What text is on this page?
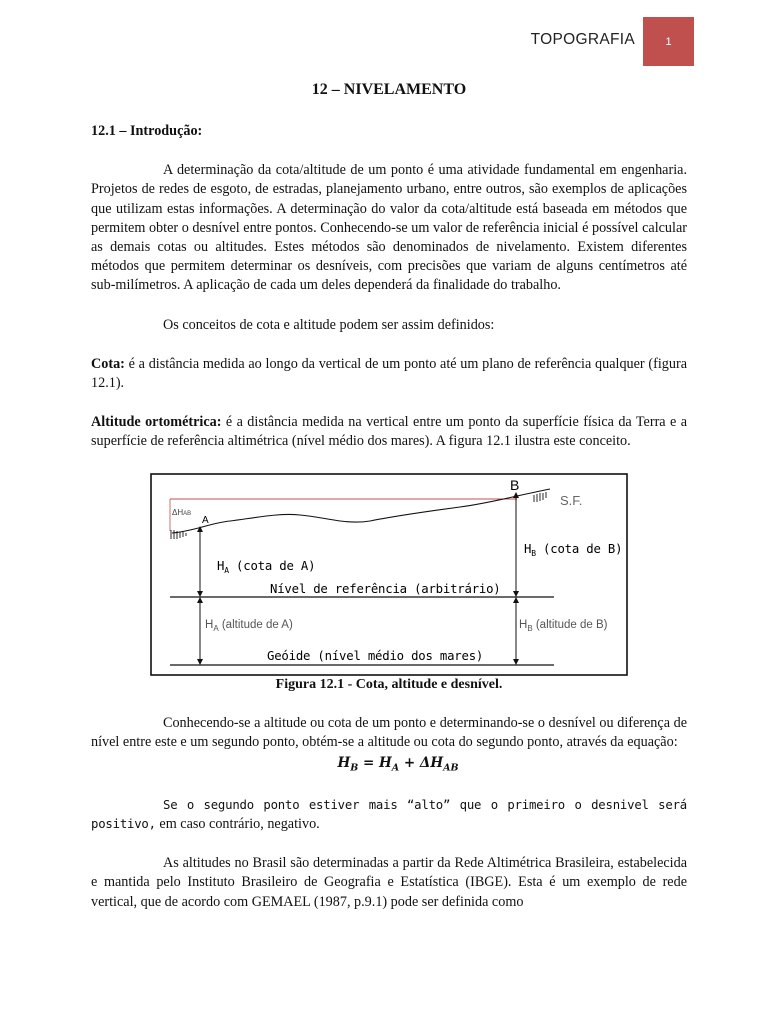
TOPOGRAFIA	1
12 – NIVELAMENTO
12.1 – Introdução:

A determinação da cota/altitude de um ponto é uma atividade fundamental em engenharia. Projetos de redes de esgoto, de estradas, planejamento urbano, entre outros, são exemplos de aplicações que utilizam estas informações. A determinação do valor da cota/altitude está baseada em métodos que permitem obter o desnível entre pontos. Conhecendo-se um valor de referência inicial é possível calcular as demais cotas ou altitudes. Estes métodos são denominados de nivelamento. Existem diferentes métodos que permitem determinar os desníveis, com precisões que variam de alguns centímetros até sub-milímetros. A aplicação de cada um deles dependerá da finalidade do trabalho.

Os conceitos de cota e altitude podem ser assim definidos:

Cota: é a distância medida ao longo da vertical de um ponto até um plano de referência qualquer (figura 12.1).

Altitude ortométrica: é a distância medida na vertical entre um ponto da superfície física da Terra e a superfície de referência altimétrica (nível médio dos mares). A figura 12.1 ilustra este conceito.

B
A
S.F.
ΔHAB
$H_A$ (cota de A)
$H_B$ (cota de B)
Nível de referência (arbitrário)
$H_A$ (altitude de A)	$H_B$ (altitude de B)
Geóide (nível médio dos mares)
Figura 12.1 - Cota, altitude e desnível.

Conhecendo-se a altitude ou cota de um ponto e determinando-se o desnível ou diferença de nível entre este e um segundo ponto, obtém-se a altitude ou cota do segundo ponto, através da equação:

$H_B = H_A + \Delta H_{AB}$

Se o segundo ponto estiver mais “alto” que o primeiro o desnivel será positivo, em caso contrário, negativo.

As altitudes no Brasil são determinadas a partir da Rede Altimétrica Brasileira, estabelecida e mantida pelo Instituto Brasileiro de Geografia e Estatística (IBGE). Esta é um exemplo de rede vertical, que de acordo com GEMAEL (1987, p.9.1) pode ser definida como
